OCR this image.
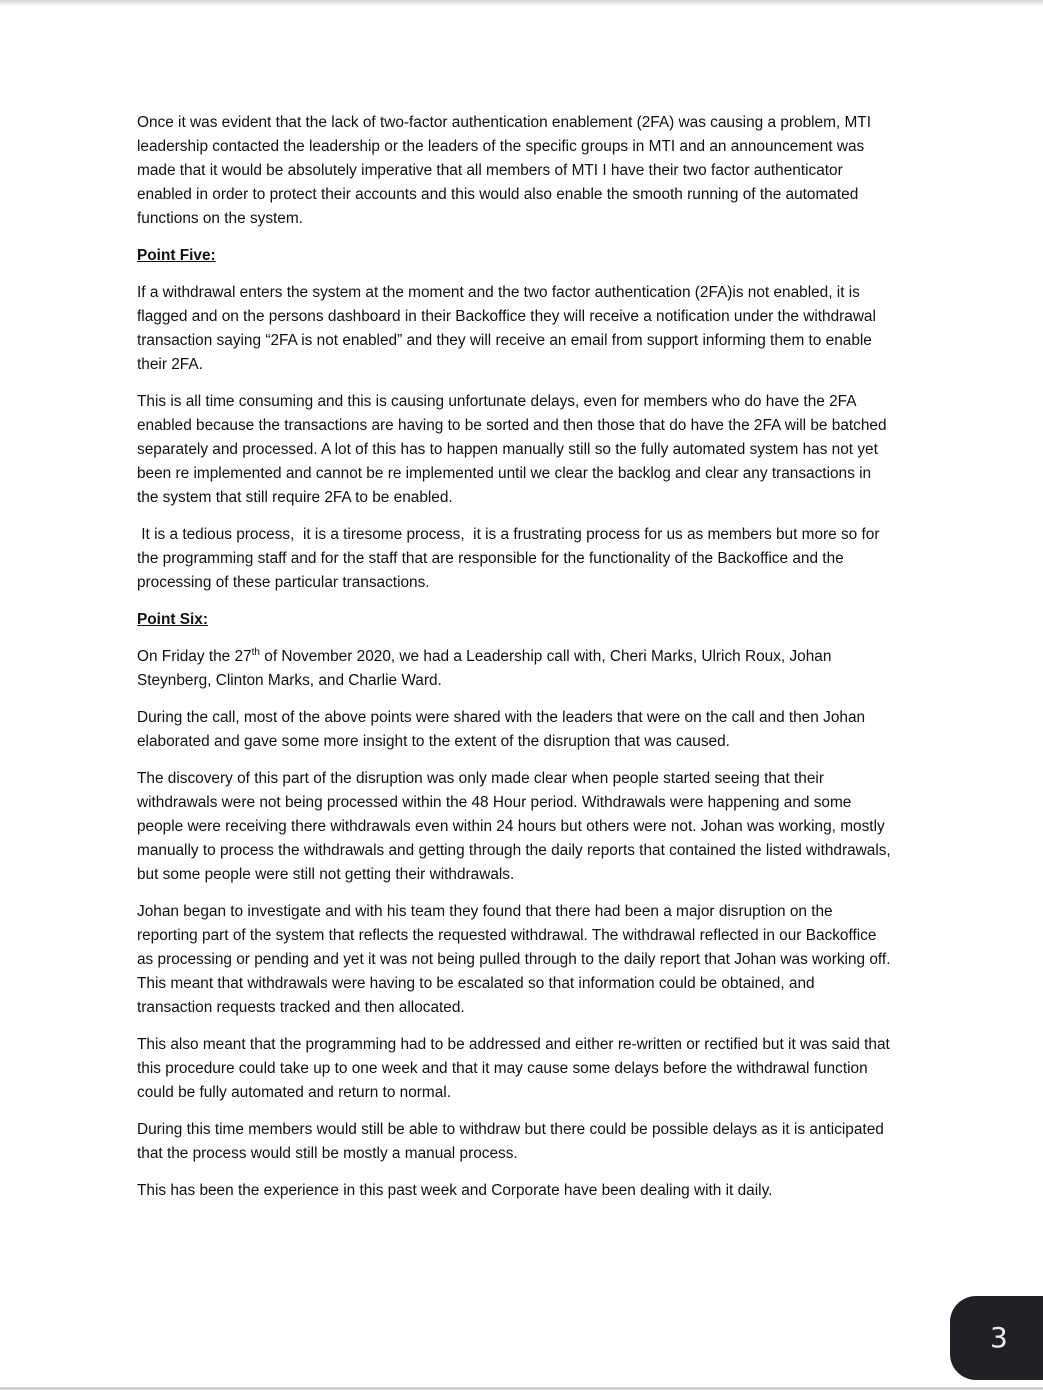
Once it was evident that the lack of two-factor authentication enablement (2FA) was causing a problem, MTI leadership contacted the leadership or the leaders of the specific groups in MTI and an announcement was made that it would be absolutely imperative that all members of MTI I have their two factor authenticator enabled in order to protect their accounts and this would also enable the smooth running of the automated functions on the system.

Point Five:

If a withdrawal enters the system at the moment and the two factor authentication (2FA)is not enabled, it is flagged and on the persons dashboard in their Backoffice they will receive a notification under the withdrawal transaction saying “2FA is not enabled” and they will receive an email from support informing them to enable their 2FA.

This is all time consuming and this is causing unfortunate delays, even for members who do have the 2FA enabled because the transactions are having to be sorted and then those that do have the 2FA will be batched separately and processed. A lot of this has to happen manually still so the fully automated system has not yet been re implemented and cannot be re implemented until we clear the backlog and clear any transactions in the system that still require 2FA to be enabled.

It is a tedious process,  it is a tiresome process,  it is a frustrating process for us as members but more so for the programming staff and for the staff that are responsible for the functionality of the Backoffice and the processing of these particular transactions.

Point Six:

On Friday the 27th of November 2020, we had a Leadership call with, Cheri Marks, Ulrich Roux, Johan Steynberg, Clinton Marks, and Charlie Ward.

During the call, most of the above points were shared with the leaders that were on the call and then Johan elaborated and gave some more insight to the extent of the disruption that was caused.

The discovery of this part of the disruption was only made clear when people started seeing that their withdrawals were not being processed within the 48 Hour period. Withdrawals were happening and some people were receiving there withdrawals even within 24 hours but others were not. Johan was working, mostly manually to process the withdrawals and getting through the daily reports that contained the listed withdrawals, but some people were still not getting their withdrawals.

Johan began to investigate and with his team they found that there had been a major disruption on the reporting part of the system that reflects the requested withdrawal. The withdrawal reflected in our Backoffice as processing or pending and yet it was not being pulled through to the daily report that Johan was working off. This meant that withdrawals were having to be escalated so that information could be obtained, and transaction requests tracked and then allocated.

This also meant that the programming had to be addressed and either re-written or rectified but it was said that this procedure could take up to one week and that it may cause some delays before the withdrawal function could be fully automated and return to normal.

During this time members would still be able to withdraw but there could be possible delays as it is anticipated that the process would still be mostly a manual process.

This has been the experience in this past week and Corporate have been dealing with it daily.

3
